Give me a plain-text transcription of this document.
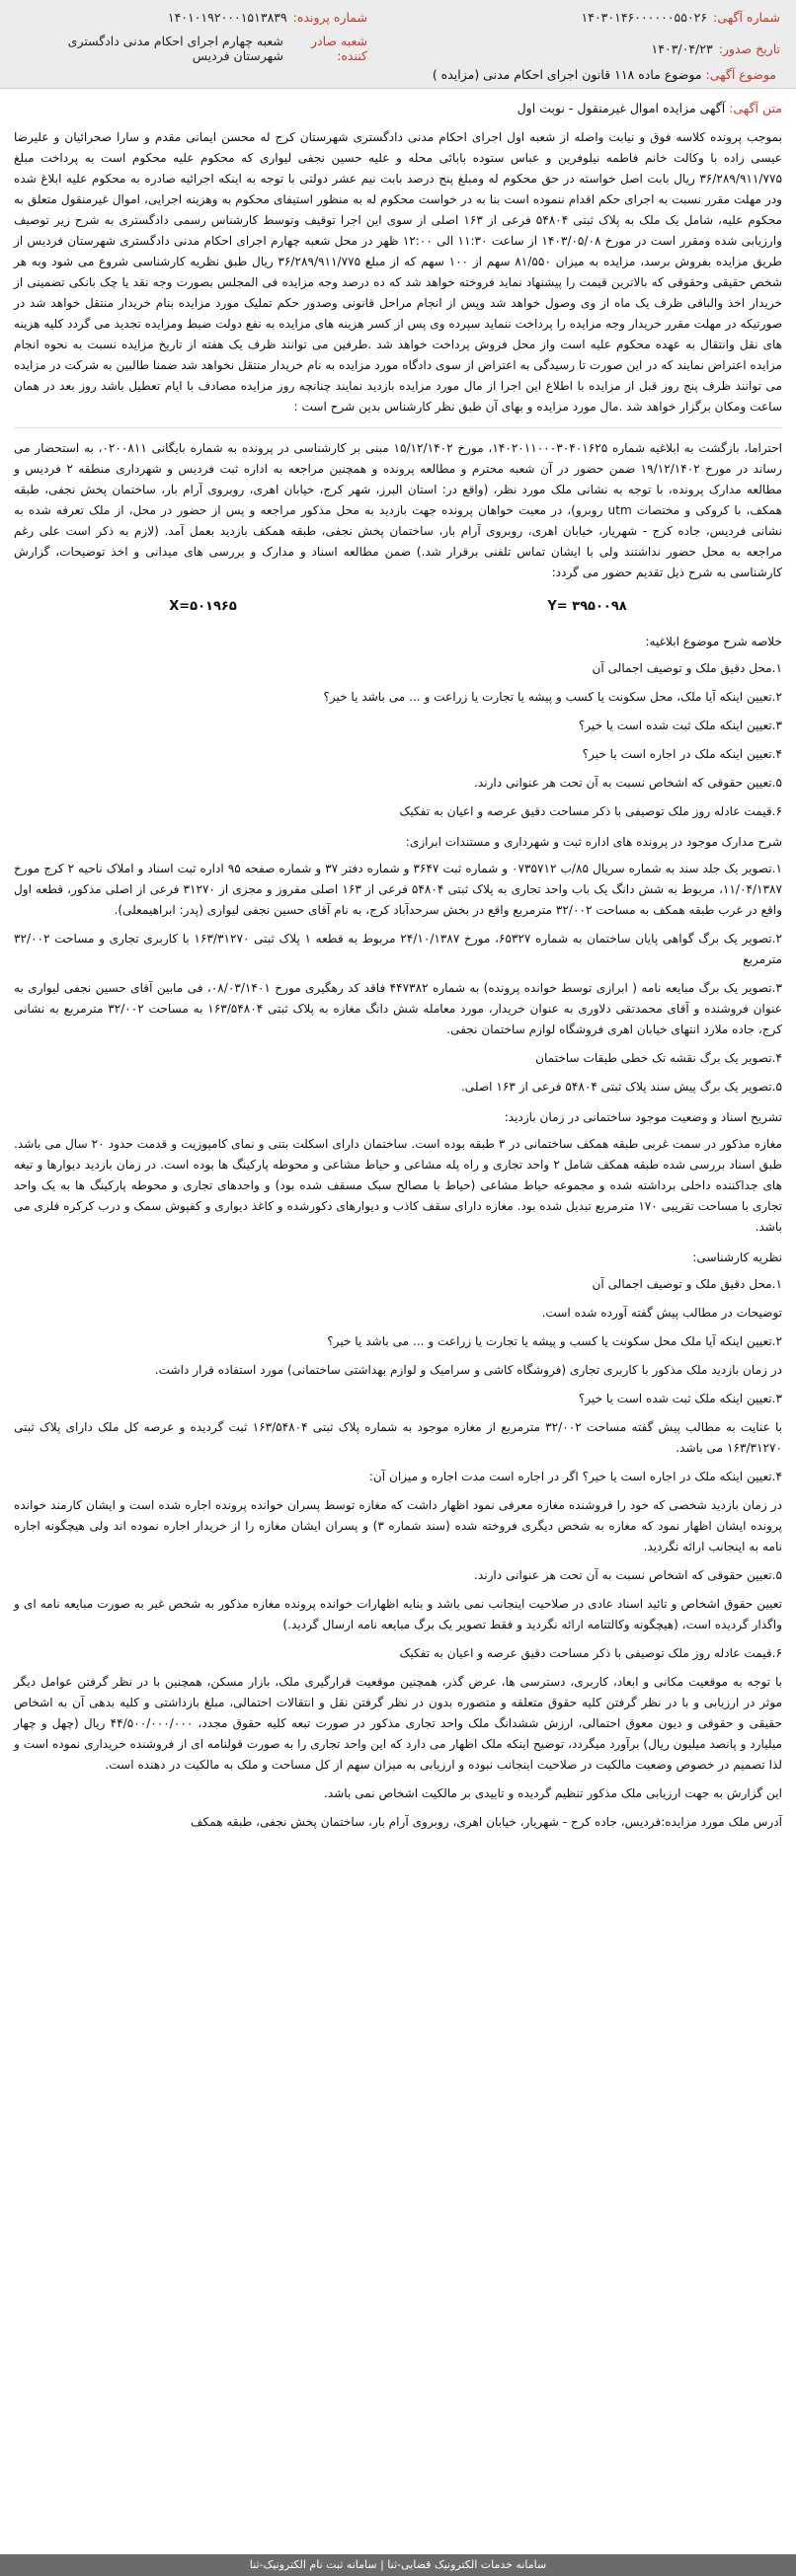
شماره آگهی:
۱۴۰۳۰۱۴۶۰۰۰۰۰۰۵۵۰۲۶
شماره پرونده:
۱۴۰۱۰۱۹۲۰۰۰۱۵۱۳۸۳۹
تاریخ صدور:
۱۴۰۳/۰۴/۲۳
شعبه صادر کننده:
شعبه چهارم اجرای احکام مدنی دادگستری شهرستان فردیس
موضوع آگهی: موضوع ماده ۱۱۸ قانون اجرای احکام مدنی (مزایده )
متن آگهی: آگهی مزایده اموال غیرمنقول - نوبت اول

بموجب پرونده کلاسه فوق و نیابت واصله از شعبه اول اجرای احکام مدنی دادگستری شهرستان کرج له محسن ایمانی مقدم و سارا صحرائیان و علیرضا عیسی زاده با وکالت خانم فاطمه نیلوفرین و عباس ستوده بابائی محله و علیه حسین نجفی لیواری که محکوم علیه محکوم است به پرداخت مبلغ ۳۶/۲۸۹/۹۱۱/۷۷۵ ریال بابت اصل خواسته در حق محکوم له ومبلغ پنج درصد بابت نیم عشر دولتی با توجه به اینکه اجرائیه صادره به محکوم علیه ابلاغ شده ودر مهلت مقرر نسبت به اجرای حکم اقدام ننموده است بنا به در خواست محکوم له به منظور استیفای محکوم به وهزینه اجرایی، اموال غیرمنقول متعلق به محکوم علیه، شامل یک ملک به پلاک ثبتی ۵۴۸۰۴ فرعی از ۱۶۳ اصلی از سوی این اجرا توقیف وتوسط کارشناس رسمی دادگستری به شرح زیر توصیف وارزیابی شده ومقرر است در مورخ ۱۴۰۳/۰۵/۰۸ از ساعت ۱۱:۳۰ الی ۱۲:۰۰ ظهر در محل شعبه چهارم اجرای احکام مدنی دادگستری شهرستان فردیس از طریق مزایده بفروش برسد، مزایده به میزان ۸۱/۵۵۰ سهم از ۱۰۰ سهم که از مبلغ ۳۶/۲۸۹/۹۱۱/۷۷۵ ریال طبق نظریه کارشناسی شروع می شود وبه هر شخص حقیقی وحقوقی که بالاترین قیمت را پیشنهاد نماید فروخته خواهد شد که ده درصد وجه مزایده فی المجلس بصورت وجه نقد یا چک بانکی تضمینی از خریدار اخذ والباقی ظرف یک ماه از وی وصول خواهد شد وپس از انجام مراحل قانونی وصدور حکم تملیک مورد مزایده بنام خریدار منتقل خواهد شد در صورتیکه در مهلت مقرر خریدار وجه مزایده را پرداخت ننماید سپرده وی پس از کسر هزینه های مزایده به نفع دولت ضبط ومزایده تجدید می گردد کلیه هزینه های نقل وانتقال به عهده محکوم علیه است واز محل فروش پرداخت خواهد شد .طرفین می توانند ظرف یک هفته از تاریخ مزایده نسبت به نحوه انجام مزایده اعتراض نمایند که در این صورت تا رسیدگی به اعتراض از سوی دادگاه مورد مزایده به نام خریدار منتقل نخواهد شد ضمنا طالبین به شرکت در مزایده می توانند ظرف پنج روز قبل از مزایده با اطلاع این اجرا از مال مورد مزایده بازدید نمایند چنانچه روز مزایده مصادف با ایام تعطیل باشد روز بعد در همان ساعت ومکان برگزار خواهد شد .مال مورد مزایده و بهای آن طبق نظر کارشناس بدین شرح است :

احتراما، بازگشت به ابلاغیه شماره ۱۴۰۲۰۱۱۰۰۰۳۰۴۰۱۶۲۵، مورخ ۱۵/۱۲/۱۴۰۲ مبنی بر کارشناسی در پرونده به شماره بایگانی ۰۲۰۰۸۱۱، به استحضار می رساند در مورخ ۱۹/۱۲/۱۴۰۲ ضمن حضور در آن شعبه محترم و مطالعه پرونده و همچنین مراجعه به اداره ثبت فردیس و شهرداری منطقه ۲ فردیس و مطالعه مدارک پرونده، با توجه به نشانی ملک مورد نظر، (واقع در: استان البرز، شهر کرج، خیابان اهری، روبروی آرام بار، ساختمان پخش نجفی، طبقه همکف، با کروکی و مختصات utm روبرو)، در معیت خواهان پرونده جهت بازدید به محل مذکور مراجعه و پس از حضور در محل، از ملک تعرفه شده به نشانی فردیس، جاده کرج - شهریار، خیابان اهری، روبروی آرام بار، ساختمان پخش نجفی، طبقه همکف بازدید بعمل آمد. (لازم به ذکر است علی رغم مراجعه به محل حضور نداشتند ولی با ایشان تماس تلفنی برقرار شد.) ضمن مطالعه اسناد و مدارک و بررسی های میدانی و اخذ توضیحات، گزارش کارشناسی به شرح ذیل تقدیم حضور می گردد:

X=۵۰۱۹۶۵	Y= ۳۹۵۰۰۹۸
خلاصه شرح موضوع ابلاغیه:

۱.محل دقیق ملک و توصیف اجمالی آن

۲.تعیین اینکه آیا ملک، محل سکونت یا کسب و پیشه یا تجارت یا زراعت و ... می باشد یا خیر؟

۳.تعیین اینکه ملک ثبت شده است یا خیر؟

۴.تعیین اینکه ملک در اجاره است یا خیر؟

۵.تعیین حقوقی که اشخاص نسبت به آن تحت هر عنوانی دارند.

۶.قیمت عادله روز ملک توصیفی با ذکر مساحت دقیق عرصه و اعیان به تفکیک

شرح مدارک موجود در پرونده های اداره ثبت و شهرداری و مستندات ابرازی:

۱.تصویر یک جلد سند به شماره سریال ۸۵/ب ۰۷۳۵۷۱۲ و شماره ثبت ۳۶۴۷ و شماره دفتر ۳۷ و شماره صفحه ۹۵ اداره ثبت اسناد و املاک ناحیه ۲ کرج مورخ ۱۱/۰۴/۱۳۸۷، مربوط به شش دانگ یک باب واحد تجاری به پلاک ثبتی ۵۴۸۰۴ فرعی از ۱۶۳ اصلی مفروز و مجزی از ۳۱۲۷۰ فرعی از اصلی مذکور، قطعه اول واقع در غرب طبقه همکف به مساحت ۳۲/۰۰۲ مترمربع واقع در بخش سرحدآباد کرج، به نام آقای حسین نجفی لیواری (پدر: ابراهیمعلی).

۲.تصویر یک برگ گواهی پایان ساختمان به شماره ۶۵۳۲۷، مورخ ۲۴/۱۰/۱۳۸۷ مربوط به قطعه ۱ پلاک ثبتی ۱۶۳/۳۱۲۷۰ با کاربری تجاری و مساحت ۳۲/۰۰۲ مترمربع

۳.تصویر یک برگ مبایعه نامه ( ابرازی توسط خوانده پرونده) به شماره ۴۴۷۳۸۲ فاقد کد رهگیری مورخ ۰۸/۰۳/۱۴۰۱، فی مابین آقای حسین نجفی لیواری به عنوان فروشنده و آقای محمدتقی دلاوری به عنوان خریدار، مورد معامله شش دانگ مغازه به پلاک ثبتی ۱۶۳/۵۴۸۰۴ به مساحت ۳۲/۰۰۲ مترمربع به نشانی کرج، جاده ملارد انتهای خیابان اهری فروشگاه لوازم ساختمان نجفی.

۴.تصویر یک برگ نقشه تک خطی طبقات ساختمان

۵.تصویر یک برگ پیش سند پلاک ثبتی ۵۴۸۰۴ فرعی از ۱۶۳ اصلی.

تشریح اسناد و وضعیت موجود ساختمانی در زمان بازدید:

مغازه مذکور در سمت غربی طبقه همکف ساختمانی در ۳ طبقه بوده است. ساختمان دارای اسکلت بتنی و نمای کامپوزیت و قدمت حدود ۲۰ سال می باشد. طبق اسناد بررسی شده طبقه همکف شامل ۲ واحد تجاری و راه پله مشاعی و حیاط مشاعی و محوطه پارکینگ ها بوده است. در زمان بازدید دیوارها و تیغه های جداکننده داخلی برداشته شده و مجموعه حیاط مشاعی (حیاط با مصالح سبک مسقف شده بود) و واحدهای تجاری و محوطه پارکینگ ها به یک واحد تجاری با مساحت تقریبی ۱۷۰ مترمربع تبدیل شده بود. مغازه دارای سقف کاذب و دیوارهای دکورشده و کاغذ دیواری و کفپوش سمک و درب کرکره فلزی می باشد.

نظریه کارشناسی:

۱.محل دقیق ملک و توصیف اجمالی آن

توضیحات در مطالب پیش گفته آورده شده است.

۲.تعیین اینکه آیا ملک محل سکونت یا کسب و پیشه یا تجارت یا زراعت و ... می باشد یا خیر؟

در زمان بازدید ملک مذکور با کاربری تجاری (فروشگاه کاشی و سرامیک و لوازم بهداشتی ساختمانی) مورد استفاده قرار داشت.

۳.تعیین اینکه ملک ثبت شده است یا خیر؟

با عنایت به مطالب پیش گفته مساحت ۳۲/۰۰۲ مترمربع از مغازه موجود به شماره پلاک ثبتی ۱۶۳/۵۴۸۰۴ ثبت گردیده و عرصه کل ملک دارای پلاک ثبتی ۱۶۳/۳۱۲۷۰ می باشد.

۴.تعیین اینکه ملک در اجاره است یا خیر؟ اگر در اجاره است مدت اجاره و میزان آن:

در زمان بازدید شخصی که خود را فروشنده مغازه معرفی نمود اظهار داشت که مغازه توسط پسران خوانده پرونده اجاره شده است و ایشان کارمند خوانده پرونده ایشان اظهار نمود که مغازه به شخص دیگری فروخته شده (سند شماره ۳) و پسران ایشان مغازه را از خریدار اجاره نموده اند ولی هیچگونه اجاره نامه به اینجانب ارائه نگردید.

۵.تعیین حقوقی که اشخاص نسبت به آن تحت هر عنوانی دارند.

تعیین حقوق اشخاص و تائید اسناد عادی در صلاحیت اینجانب نمی باشد و بنابه اظهارات خوانده پرونده مغازه مذکور به شخص غیر به صورت مبایعه نامه ای و واگذار گردیده است، (هیچگونه وکالتنامه ارائه نگردید و فقط تصویر یک برگ مبایعه نامه ارسال گردید.)

۶.قیمت عادله روز ملک توصیفی با ذکر مساحت دقیق عرصه و اعیان به تفکیک

با توجه به موقعیت مکانی و ابعاد، کاربری، دسترسی ها، عرض گذر، همچنین موقعیت قرارگیری ملک، بازار مسکن، همچنین با در نظر گرفتن عوامل دیگر موثر در ارزیابی و با در نظر گرفتن کلیه حقوق متعلقه و متصوره بدون در نظر گرفتن نقل و انتقالات احتمالی، مبلغ بازداشتی و کلیه بدهی آن به اشخاص حقیقی و حقوقی و دیون معوق احتمالی، ارزش ششدانگ ملک واحد تجاری مذکور در صورت تبعه کلیه حقوق مجدد، ۴۴/۵۰۰/۰۰۰/۰۰۰ ریال (چهل و چهار میلیارد و پانصد میلیون ریال) برآورد میگردد، توضیح اینکه ملک اظهار می دارد که این واحد تجاری را به صورت قولنامه ای از فروشنده خریداری نموده است و لذا تصمیم در خصوص وضعیت مالکیت در صلاحیت اینجانب نبوده و ارزیابی به میزان سهم از کل مساحت و ملک به مالکیت در دهنده است.

این گزارش به جهت ارزیابی ملک مذکور تنظیم گردیده و تاییدی بر مالکیت اشخاص نمی باشد.

آدرس ملک مورد مزایده:فردیس، جاده کرج - شهریار، خیابان اهری، روبروی آرام بار، ساختمان پخش نجفی، طبقه همکف

سامانه خدمات الکترونیک قضایی-ثنا | سامانه ثبت نام الکترونیک-ثنا
